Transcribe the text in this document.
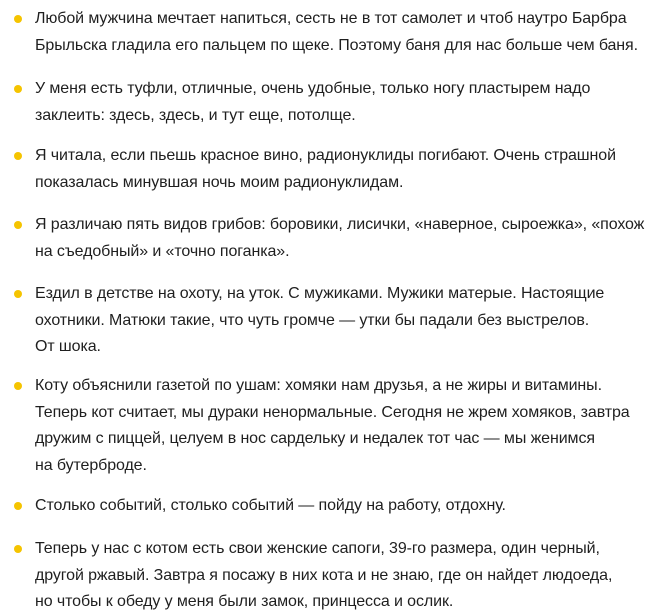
Любой мужчина мечтает напиться, сесть не в тот самолет и чтоб наутро Барбра
Брыльска гладила его пальцем по щеке. Поэтому баня для нас больше чем баня.
У меня есть туфли, отличные, очень удобные, только ногу пластырем надо
заклеить: здесь, здесь, и тут еще, потолще.
Я читала, если пьешь красное вино, радионуклиды погибают. Очень страшной
показалась минувшая ночь моим радионуклидам.
Я различаю пять видов грибов: боровики, лисички, «наверное, сыроежка», «похож
на съедобный» и «точно поганка».
Ездил в детстве на охоту, на уток. С мужиками. Мужики матерые. Настоящие
охотники. Матюки такие, что чуть громче — утки бы падали без выстрелов.
От шока.
Коту объяснили газетой по ушам: хомяки нам друзья, а не жиры и витамины.
Теперь кот считает, мы дураки ненормальные. Сегодня не жрем хомяков, завтра
дружим с пиццей, целуем в нос сардельку и недалек тот час — мы женимся
на бутерброде.
Столько событий, столько событий — пойду на работу, отдохну.
Теперь у нас с котом есть свои женские сапоги, 39-го размера, один черный,
другой ржавый. Завтра я посажу в них кота и не знаю, где он найдет людоеда,
но чтобы к обеду у меня были замок, принцесса и ослик.
